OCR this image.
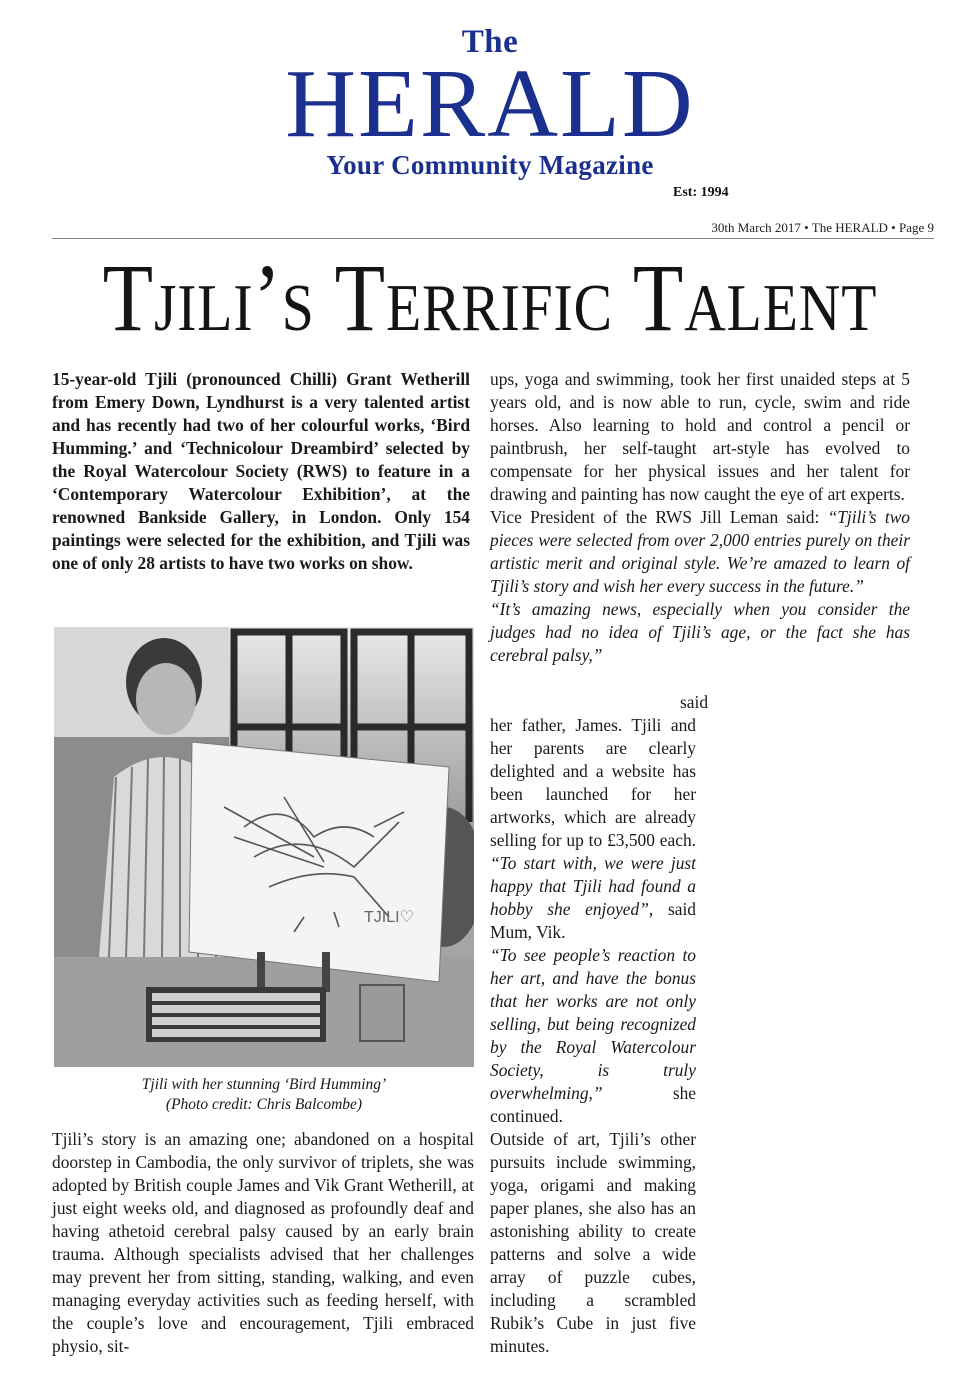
The
HERALD
Your Community Magazine
Est: 1994
30th March 2017 • The HERALD • Page 9
Tjili’s Terrific Talent

15-year-old Tjili (pronounced Chilli) Grant Wetherill from Emery Down, Lyndhurst is a very talented artist and has recently had two of her colourful works, ‘Bird Humming.’ and ‘Technicolour Dreambird’ selected by the Royal Watercolour Society (RWS) to feature in a ‘Contemporary Watercolour Exhibition’, at the renowned Bankside Gallery, in London. Only 154 paintings were selected for the exhibition, and Tjili was one of only 28 artists to have two works on show.

TJILI♡
Tjili with her stunning ‘Bird Humming’
(Photo credit: Chris Balcombe)

Tjili’s story is an amazing one; abandoned on a hospital doorstep in Cambodia, the only survivor of triplets, she was adopted by British couple James and Vik Grant Wetherill, at just eight weeks old, and diagnosed as profoundly deaf and having athetoid cerebral palsy caused by an early brain trauma. Although specialists advised that her challenges may prevent her from sitting, standing, walking, and even managing everyday activities such as feeding herself, with the couple’s love and encouragement, Tjili embraced physio, sit-

ups, yoga and swimming, took her first unaided steps at 5 years old, and is now able to run, cycle, swim and ride horses. Also learning to hold and control a pencil or paintbrush, her self-taught art-style has evolved to compensate for her physical issues and her talent for drawing and painting has now caught the eye of art experts.

Vice President of the RWS Jill Leman said: “Tjili’s two pieces were selected from over 2,000 entries purely on their artistic merit and original style. We’re amazed to learn of Tjili’s story and wish her every success in the future.”

“It’s amazing news, especially when you consider the judges had no idea of Tjili’s age, or the fact she has cerebral palsy,”

said

her father, James. Tjili and her parents are clearly delighted and a website has been launched for her artworks, which are already selling for up to £3,500 each. “To start with, we were just happy that Tjili had found a hobby she enjoyed”, said Mum, Vik.

“To see people’s reaction to her art, and have the bonus that her works are not only selling, but being recognized by the Royal Watercolour Society, is truly overwhelming,” she continued.

Outside of art, Tjili’s other pursuits include swimming, yoga, origami and making paper planes, she also has an astonishing ability to create patterns and solve a wide array of puzzle cubes, including a scrambled Rubik’s Cube in just five minutes.
